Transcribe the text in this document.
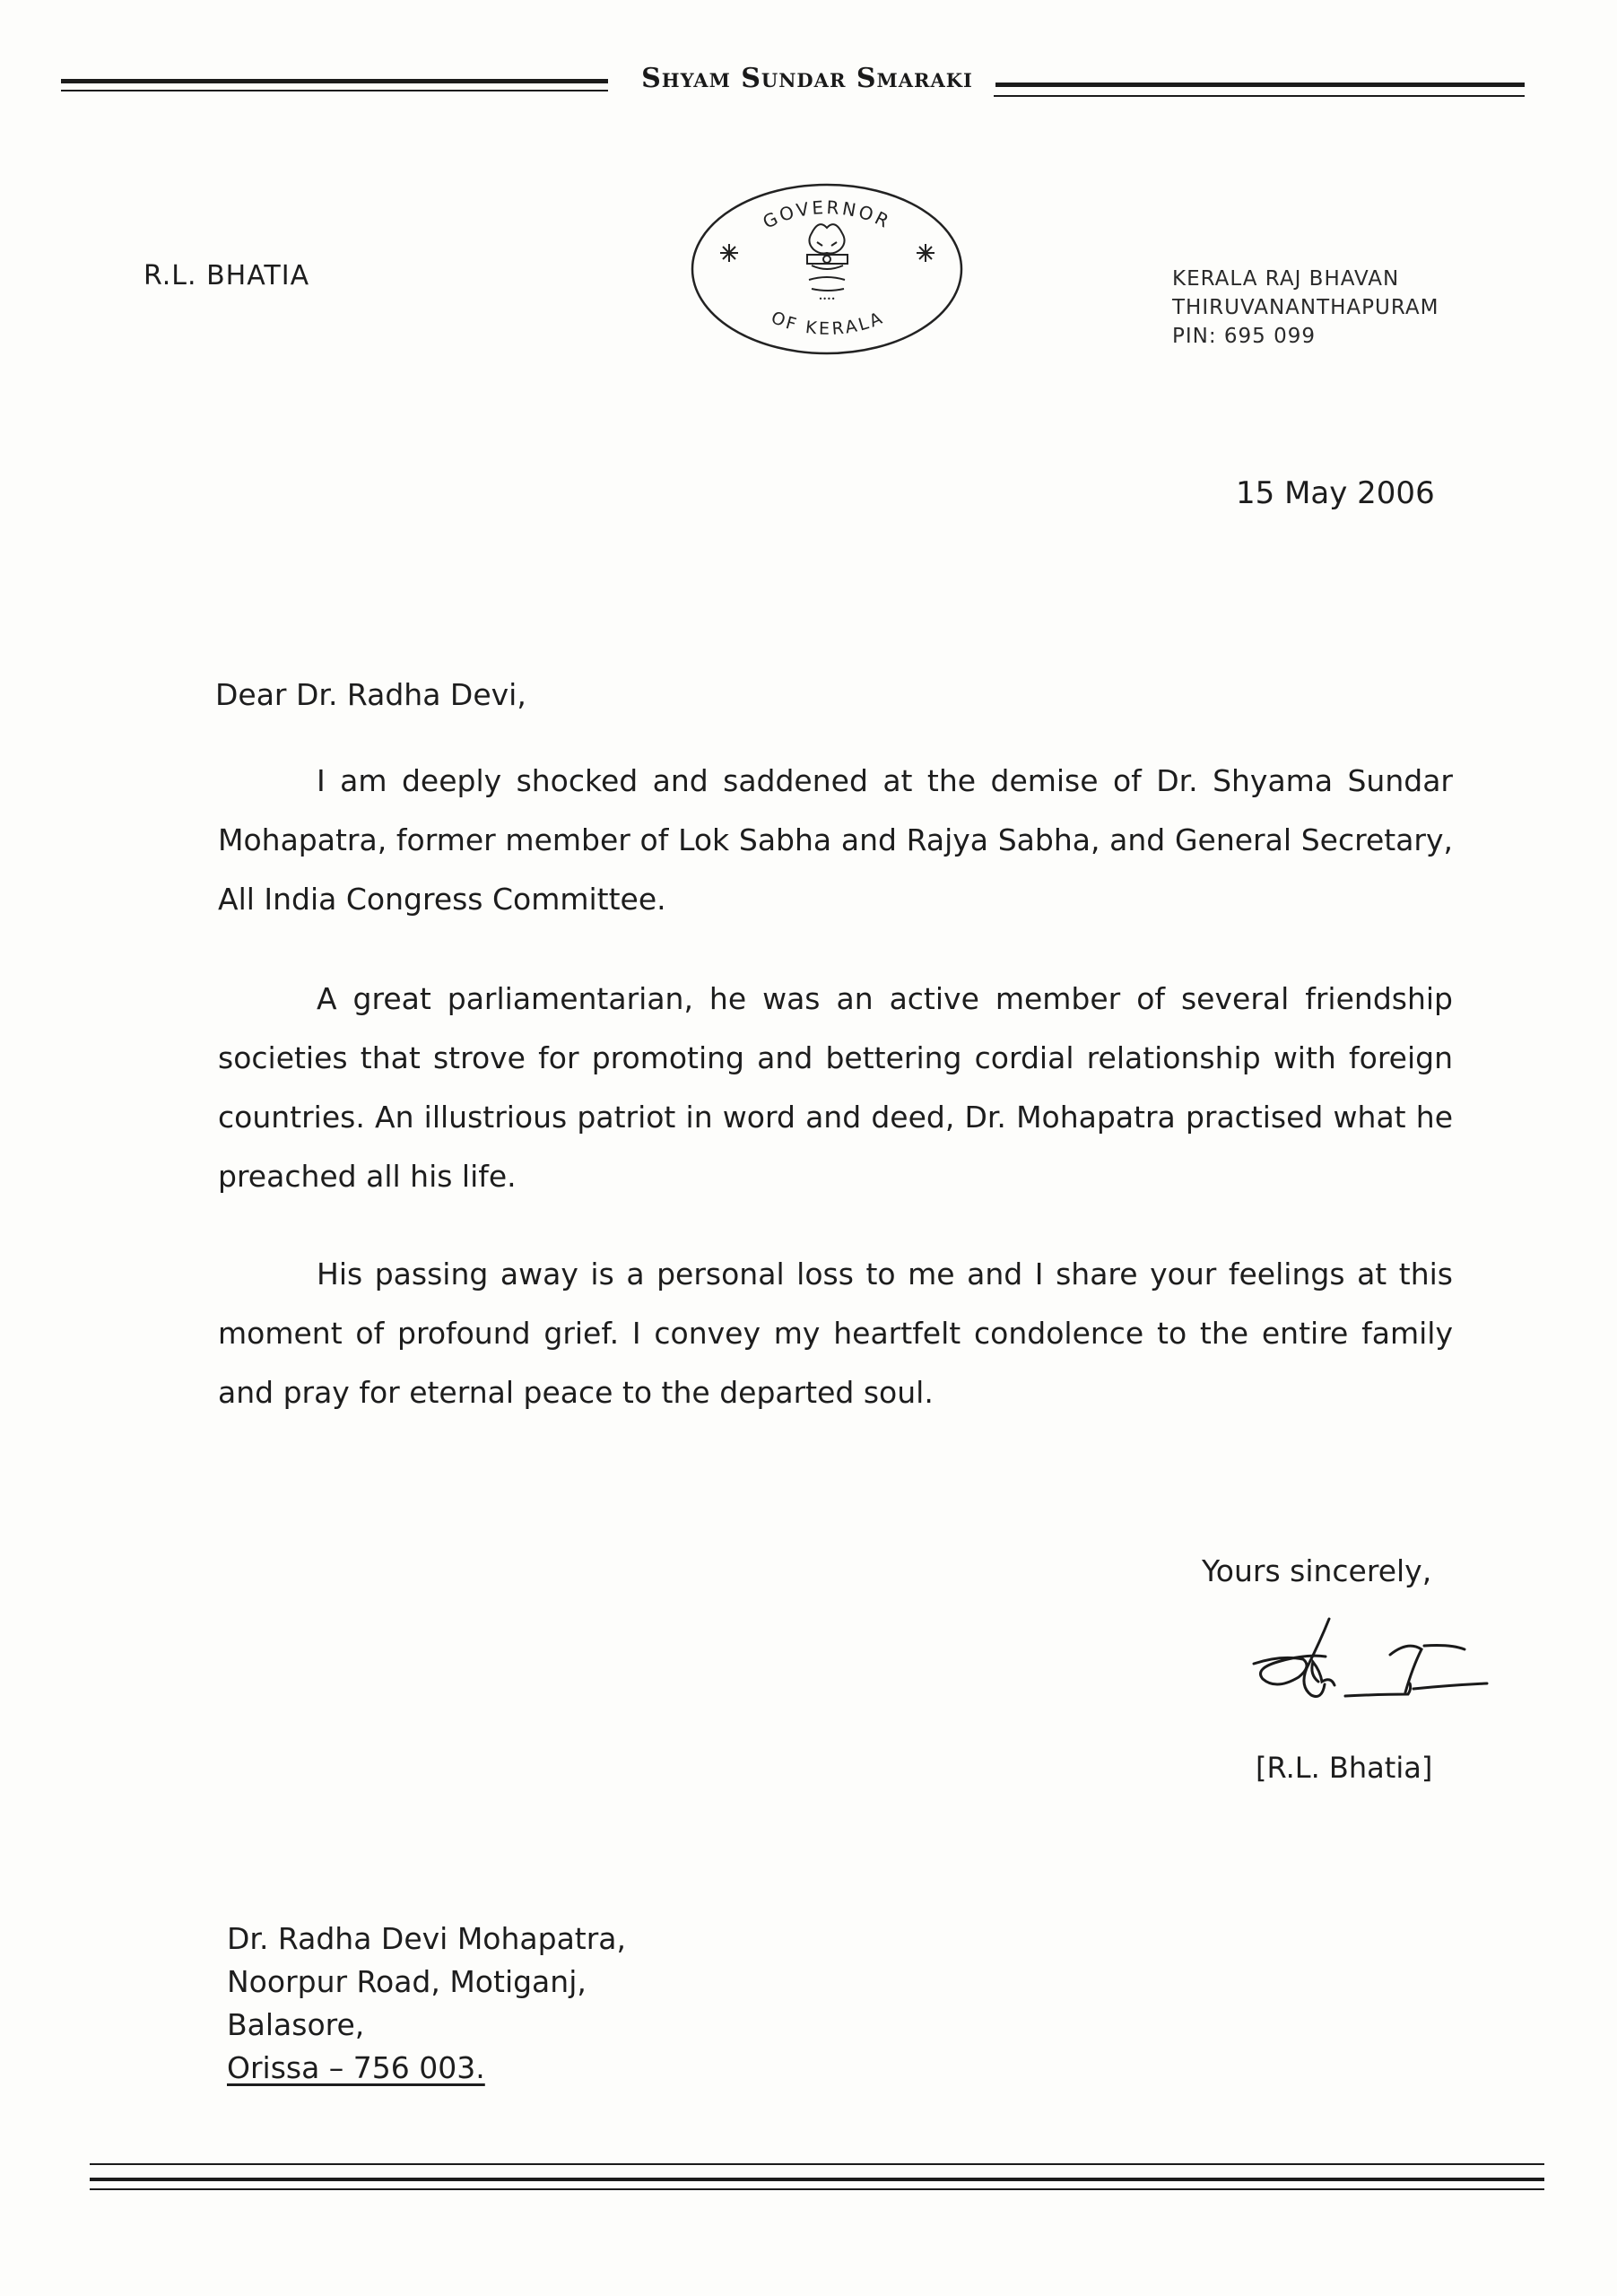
Shyam Sundar Smaraki
R.L. BHATIA
GOVERNOR
OF KERALA
••••
KERALA RAJ BHAVAN
THIRUVANANTHAPURAM
PIN: 695 099
15 May 2006
Dear Dr. Radha Devi,

I am deeply shocked and saddened at the demise of Dr. Shyama Sundar Mohapatra, former member of Lok Sabha and Rajya Sabha, and General Secretary, All India Congress Committee.

A great parliamentarian, he was an active member of several friendship societies that strove for promoting and bettering cordial relationship with foreign countries. An illustrious patriot in word and deed, Dr. Mohapatra practised what he preached all his life.

His passing away is a personal loss to me and I share your feelings at this moment of profound grief. I convey my heartfelt condolence to the entire family and pray for eternal peace to the departed soul.

Yours sincerely,
[R.L. Bhatia]
Dr. Radha Devi Mohapatra,
Noorpur Road, Motiganj,
Balasore,
Orissa – 756 003.
